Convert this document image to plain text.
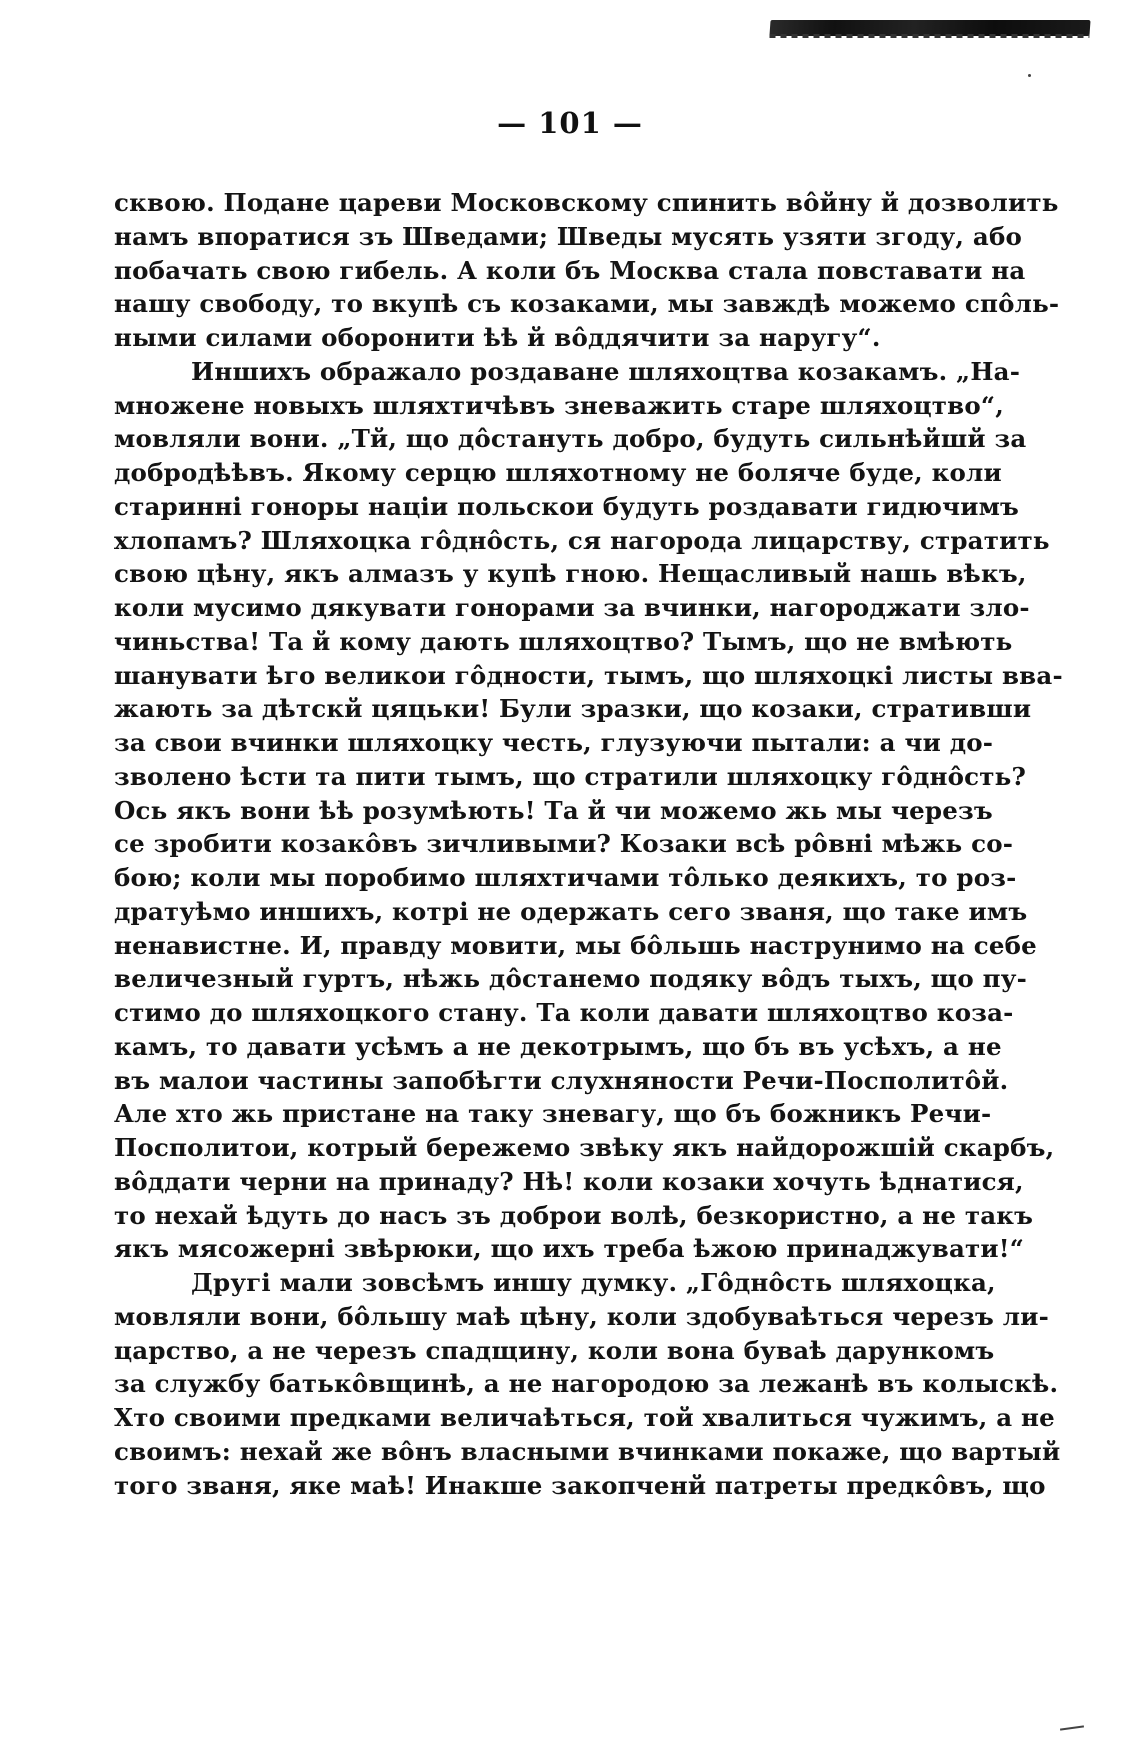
— 101 —
сквою. Подане цареви Московскому спинить вôйну й дозволить
намъ впоратися зъ Шведами; Шведы мусять узяти згоду, або
побачать свою гибель. А коли бъ Москва стала повставати на
нашу свободу, то вкупѣ съ козаками, мы завждѣ можемо спôль-
ными силами оборонити ѣѣ й вôддячити за наругу“.
Иншихъ ображало роздаване шляхоцтва козакамъ. „На-
множене новыхъ шляхтичѣвъ зневажить старе шляхоцтво“,
мовляли вони. „Тй, що дôстануть добро, будуть сильнѣйшй за
добродѣѣвъ. Якому серцю шляхотному не боляче буде, коли
старинні гоноры націи польскои будуть роздавати гидючимъ
хлопамъ? Шляхоцка гôднôсть, ся нагорода лицарству, стратить
свою цѣну, якъ алмазъ у купѣ гною. Нещасливый нашь вѣкъ,
коли мусимо дякувати гонорами за вчинки, нагороджати зло-
чиньства! Та й кому дають шляхоцтво? Тымъ, що не вмѣють
шанувати ѣго великои гôдности, тымъ, що шляхоцкі листы вва-
жають за дѣтскй цяцьки! Були зразки, що козаки, стративши
за свои вчинки шляхоцку честь, глузуючи пытали: а чи до-
зволено ѣсти та пити тымъ, що стратили шляхоцку гôднôсть?
Ось якъ вони ѣѣ розумѣють! Та й чи можемо жь мы черезъ
се зробити козакôвъ зичливыми? Козаки всѣ рôвні мѣжь со-
бою; коли мы поробимо шляхтичами тôлько деякихъ, то роз-
дратуѣмо иншихъ, котрі не одержать сего званя, що таке имъ
ненавистне. И, правду мовити, мы бôльшь наструнимо на себе
величезный гуртъ, нѣжь дôстанемо подяку вôдъ тыхъ, що пу-
стимо до шляхоцкого стану. Та коли давати шляхоцтво коза-
камъ, то давати усѣмъ а не декотрымъ, що бъ въ усѣхъ, а не
въ малои частины запобѣгти слухняности Речи-Посполитôй.
Але хто жь пристане на таку зневагу, що бъ божникъ Речи-
Посполитои, котрый бережемо звѣку якъ найдорожшій скарбъ,
вôддати черни на принаду? Нѣ! коли козаки хочуть ѣднатися,
то нехай ѣдуть до насъ зъ доброи волѣ, безкористно, а не такъ
якъ мясожерні звѣрюки, що ихъ треба ѣжою принаджувати!“
Другі мали зовсѣмъ иншу думку. „Гôднôсть шляхоцка,
мовляли вони, бôльшу маѣ цѣну, коли здобуваѣться черезъ ли-
царство, а не черезъ спадщину, коли вона буваѣ дарункомъ
за службу батькôвщинѣ, а не нагородою за лежанѣ въ колыскѣ.
Хто своими предками величаѣться, той хвалиться чужимъ, а не
своимъ: нехай же вôнъ власными вчинками покаже, що вартый
того званя, яке маѣ! Инакше закопченй патреты предкôвъ, що
